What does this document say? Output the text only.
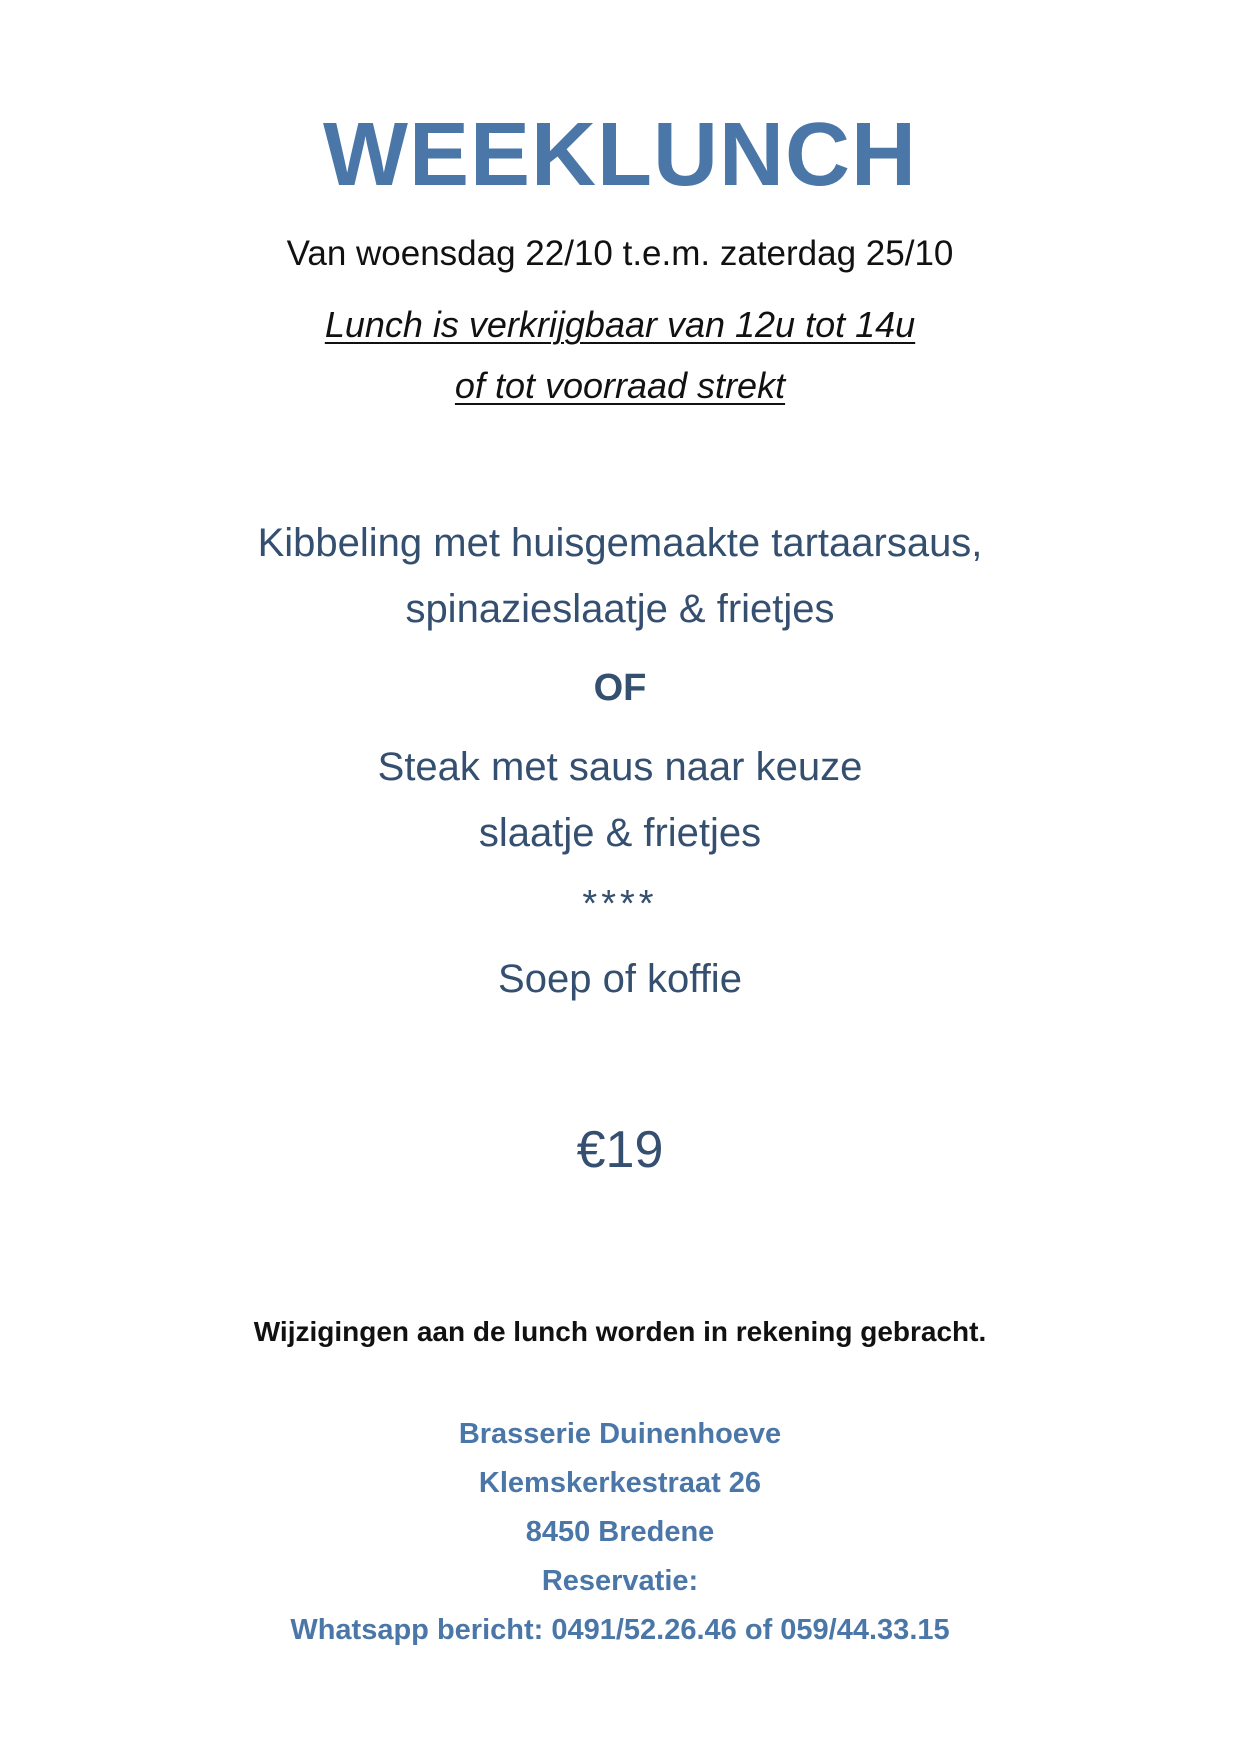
WEEKLUNCH
Van woensdag 22/10 t.e.m. zaterdag 25/10
Lunch is verkrijgbaar van 12u tot 14u
of tot voorraad strekt
Kibbeling met huisgemaakte tartaarsaus,
spinazieslaatje & frietjes
OF
Steak met saus naar keuze
slaatje & frietjes
****
Soep of koffie
€19
Wijzigingen aan de lunch worden in rekening gebracht.
Brasserie Duinenhoeve
Klemskerkestraat 26
8450 Bredene
Reservatie:
Whatsapp bericht: 0491/52.26.46 of 059/44.33.15
